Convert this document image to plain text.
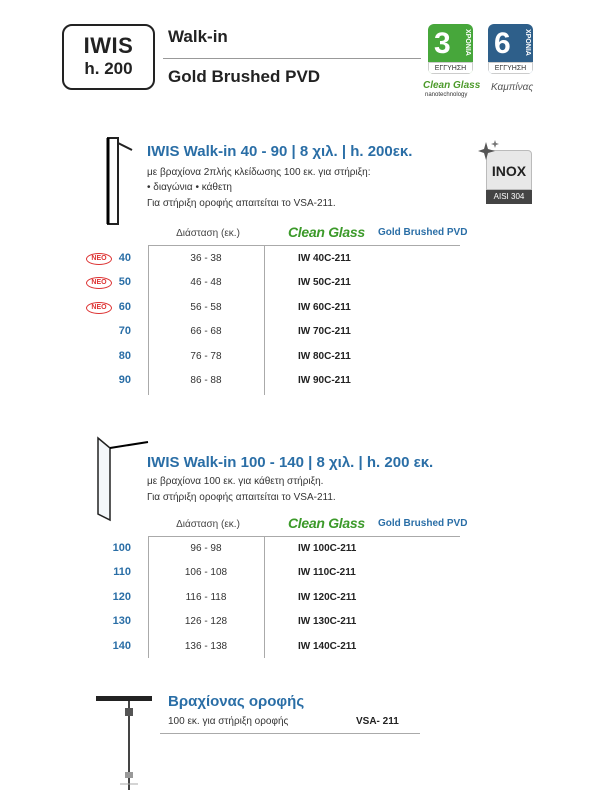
IWIS
h. 200
Walk-in
Gold Brushed PVD
3 ΧΡΟΝΙΑ
ΕΓΓΥΗΣΗ
6 ΧΡΟΝΙΑ
ΕΓΓΥΗΣΗ
Clean Glass
nanotechnology
Καμπίνας
IWIS Walk-in 40 - 90 | 8 χιλ. | h. 200εκ.
με βραχίονα 2πλής κλείδωσης 100 εκ. για στήριξη:
• διαγώνια • κάθετη
Για στήριξη οροφής απαιτείται το VSA-211.
INOX
AISI 304
Διάσταση (εκ.)	Clean Glass Gold Brushed PVD
ΝΕΟ	40	36 - 38	IW 40C-211
ΝΕΟ	50	46 - 48	IW 50C-211
ΝΕΟ	60	56 - 58	IW 60C-211
70	66 - 68	IW 70C-211
80	76 - 78	IW 80C-211
90	86 - 88	IW 90C-211
IWIS Walk-in 100 - 140 | 8 χιλ. | h. 200 εκ.
με βραχίονα 100 εκ. για κάθετη στήριξη.
Για στήριξη οροφής απαιτείται το VSA-211.
Διάσταση (εκ.)	Clean Glass Gold Brushed PVD
100	96 - 98	IW 100C-211
110	106 - 108	IW 110C-211
120	116 - 118	IW 120C-211
130	126 - 128	IW 130C-211
140	136 - 138	IW 140C-211
Βραχίονας οροφής
100 εκ. για στήριξη οροφής	VSA- 211
